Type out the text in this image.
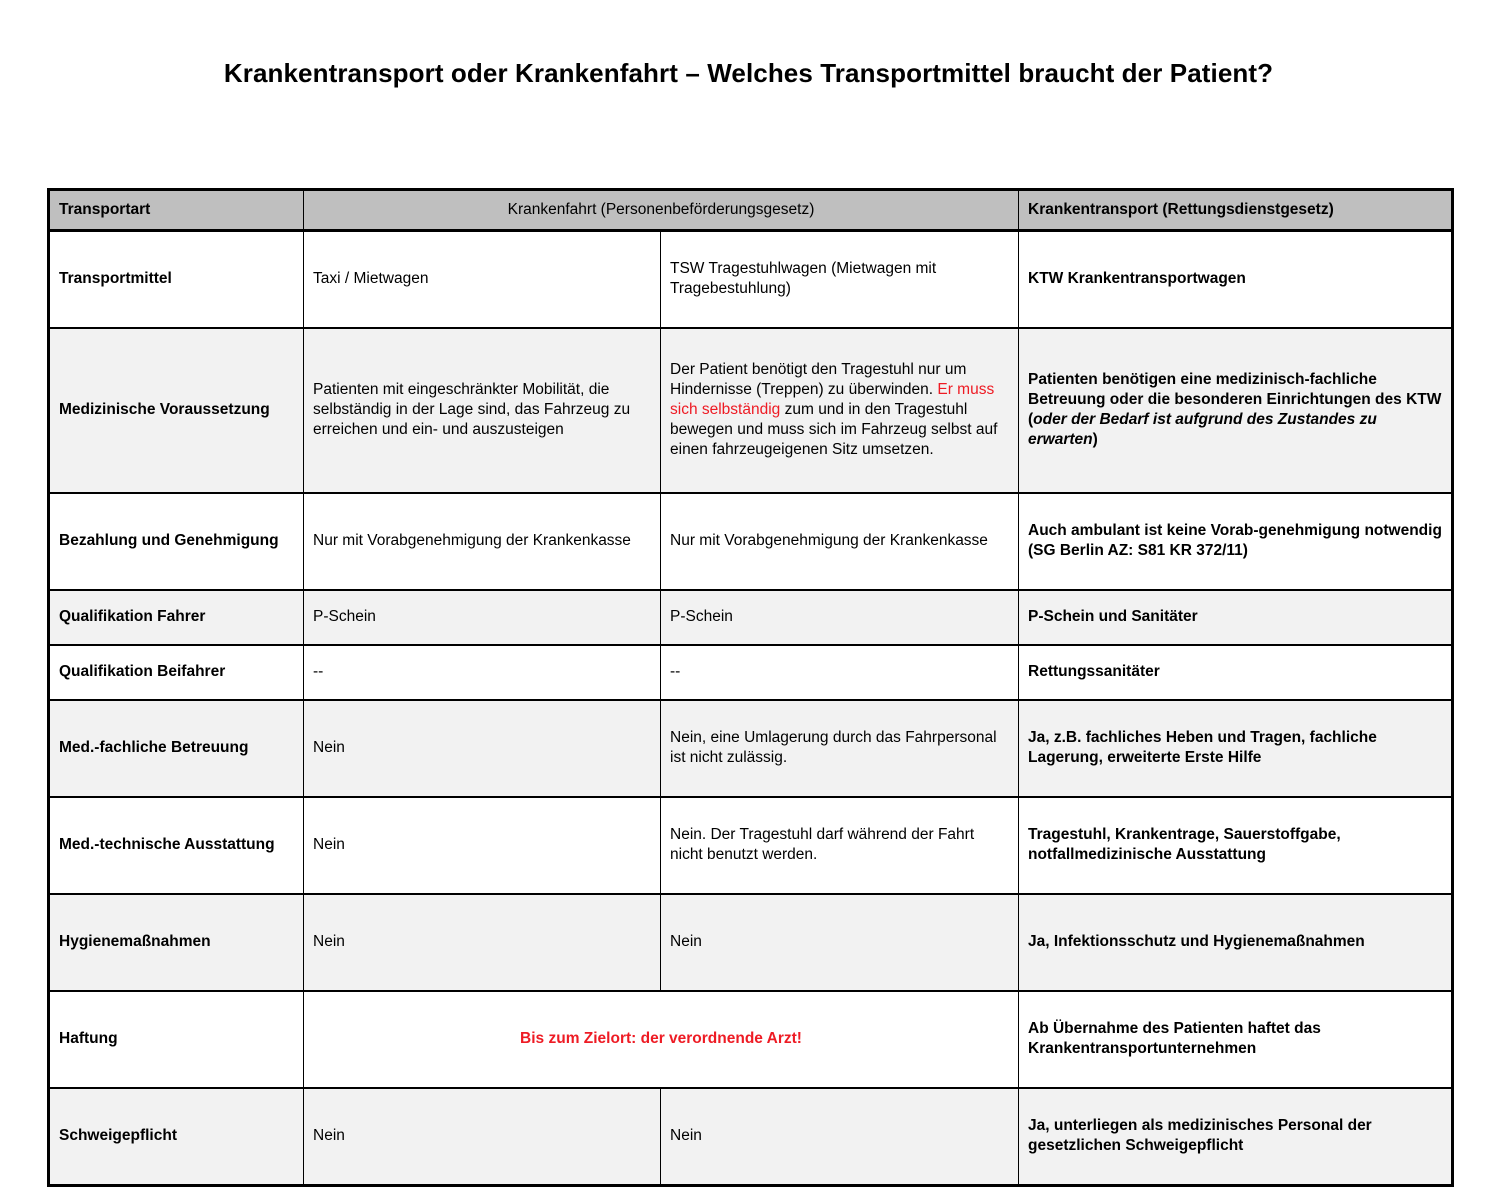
Krankentransport oder Krankenfahrt – Welches Transportmittel braucht der Patient?
Transportart	Krankenfahrt (Personenbeförderungsgesetz)		Krankentransport (Rettungsdienstgesetz)
Transportmittel	Taxi / Mietwagen	TSW Tragestuhlwagen (Mietwagen mit Tragebestuhlung)	KTW Krankentransportwagen
Medizinische Voraussetzung	Patienten mit eingeschränkter Mobilität, die selbständig in der Lage sind, das Fahrzeug zu erreichen und ein- und auszusteigen	Der Patient benötigt den Tragestuhl nur um Hindernisse (Treppen) zu überwinden. Er muss sich selbständig zum und in den Tragestuhl bewegen und muss sich im Fahrzeug selbst auf einen fahrzeugeigenen Sitz umsetzen.	Patienten benötigen eine medizinisch-fachliche Betreuung oder die besonderen Einrichtungen des KTW (oder der Bedarf ist aufgrund des Zustandes zu erwarten)
Bezahlung und Genehmigung	Nur mit Vorabgenehmigung der Krankenkasse	Nur mit Vorabgenehmigung der Krankenkasse	Auch ambulant ist keine Vorab-genehmigung notwendig (SG Berlin AZ: S81 KR 372/11)
Qualifikation Fahrer	P-Schein	P-Schein	P-Schein und Sanitäter
Qualifikation Beifahrer	--	--	Rettungssanitäter
Med.-fachliche Betreuung	Nein	Nein, eine Umlagerung durch das Fahrpersonal ist nicht zulässig.	Ja, z.B. fachliches Heben und Tragen, fachliche Lagerung, erweiterte Erste Hilfe
Med.-technische Ausstattung	Nein	Nein. Der Tragestuhl darf während der Fahrt nicht benutzt werden.	Tragestuhl, Krankentrage, Sauerstoffgabe, notfallmedizinische Ausstattung
Hygienemaßnahmen	Nein	Nein	Ja, Infektionsschutz und Hygienemaßnahmen
Haftung	Bis zum Zielort: der verordnende Arzt!		Ab Übernahme des Patienten haftet das Krankentransportunternehmen
Schweigepflicht	Nein	Nein	Ja, unterliegen als medizinisches Personal der gesetzlichen Schweigepflicht
